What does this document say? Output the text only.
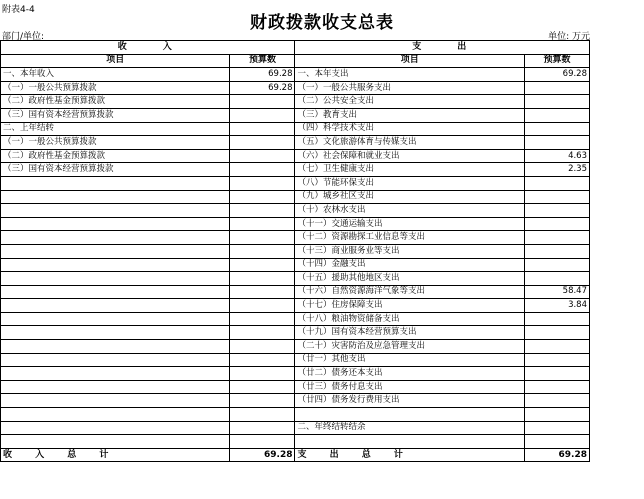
附表4-4
财政拨款收支总表
部门/单位:	单位: 万元
收　　入		支　　出	
项目	预算数	项目	预算数
一、本年收入	69.28	一、本年支出	69.28
（一）一般公共预算拨款	69.28	（一）一般公共服务支出	
（二）政府性基金预算拨款		（二）公共安全支出	
（三）国有资本经营预算拨款		（三）教育支出	
二、上年结转		（四）科学技术支出	
（一）一般公共预算拨款		（五）文化旅游体育与传媒支出	
（二）政府性基金预算拨款		（六）社会保障和就业支出	4.63
（三）国有资本经营预算拨款		（七）卫生健康支出	2.35
		（八）节能环保支出	
		（九）城乡社区支出	
		（十）农林水支出	
		（十一）交通运输支出	
		（十二）资源勘探工业信息等支出	
		（十三）商业服务业等支出	
		（十四）金融支出	
		（十五）援助其他地区支出	
		（十六）自然资源海洋气象等支出	58.47
		（十七）住房保障支出	3.84
		（十八）粮油物资储备支出	
		（十九）国有资本经营预算支出	
		（二十）灾害防治及应急管理支出	
		（廿一）其他支出	
		（廿二）债务还本支出	
		（廿三）债务付息支出	
		（廿四）债务发行费用支出	

		二、年终结转结余	

收 入 总 计	69.28	支 出 总 计	69.28
